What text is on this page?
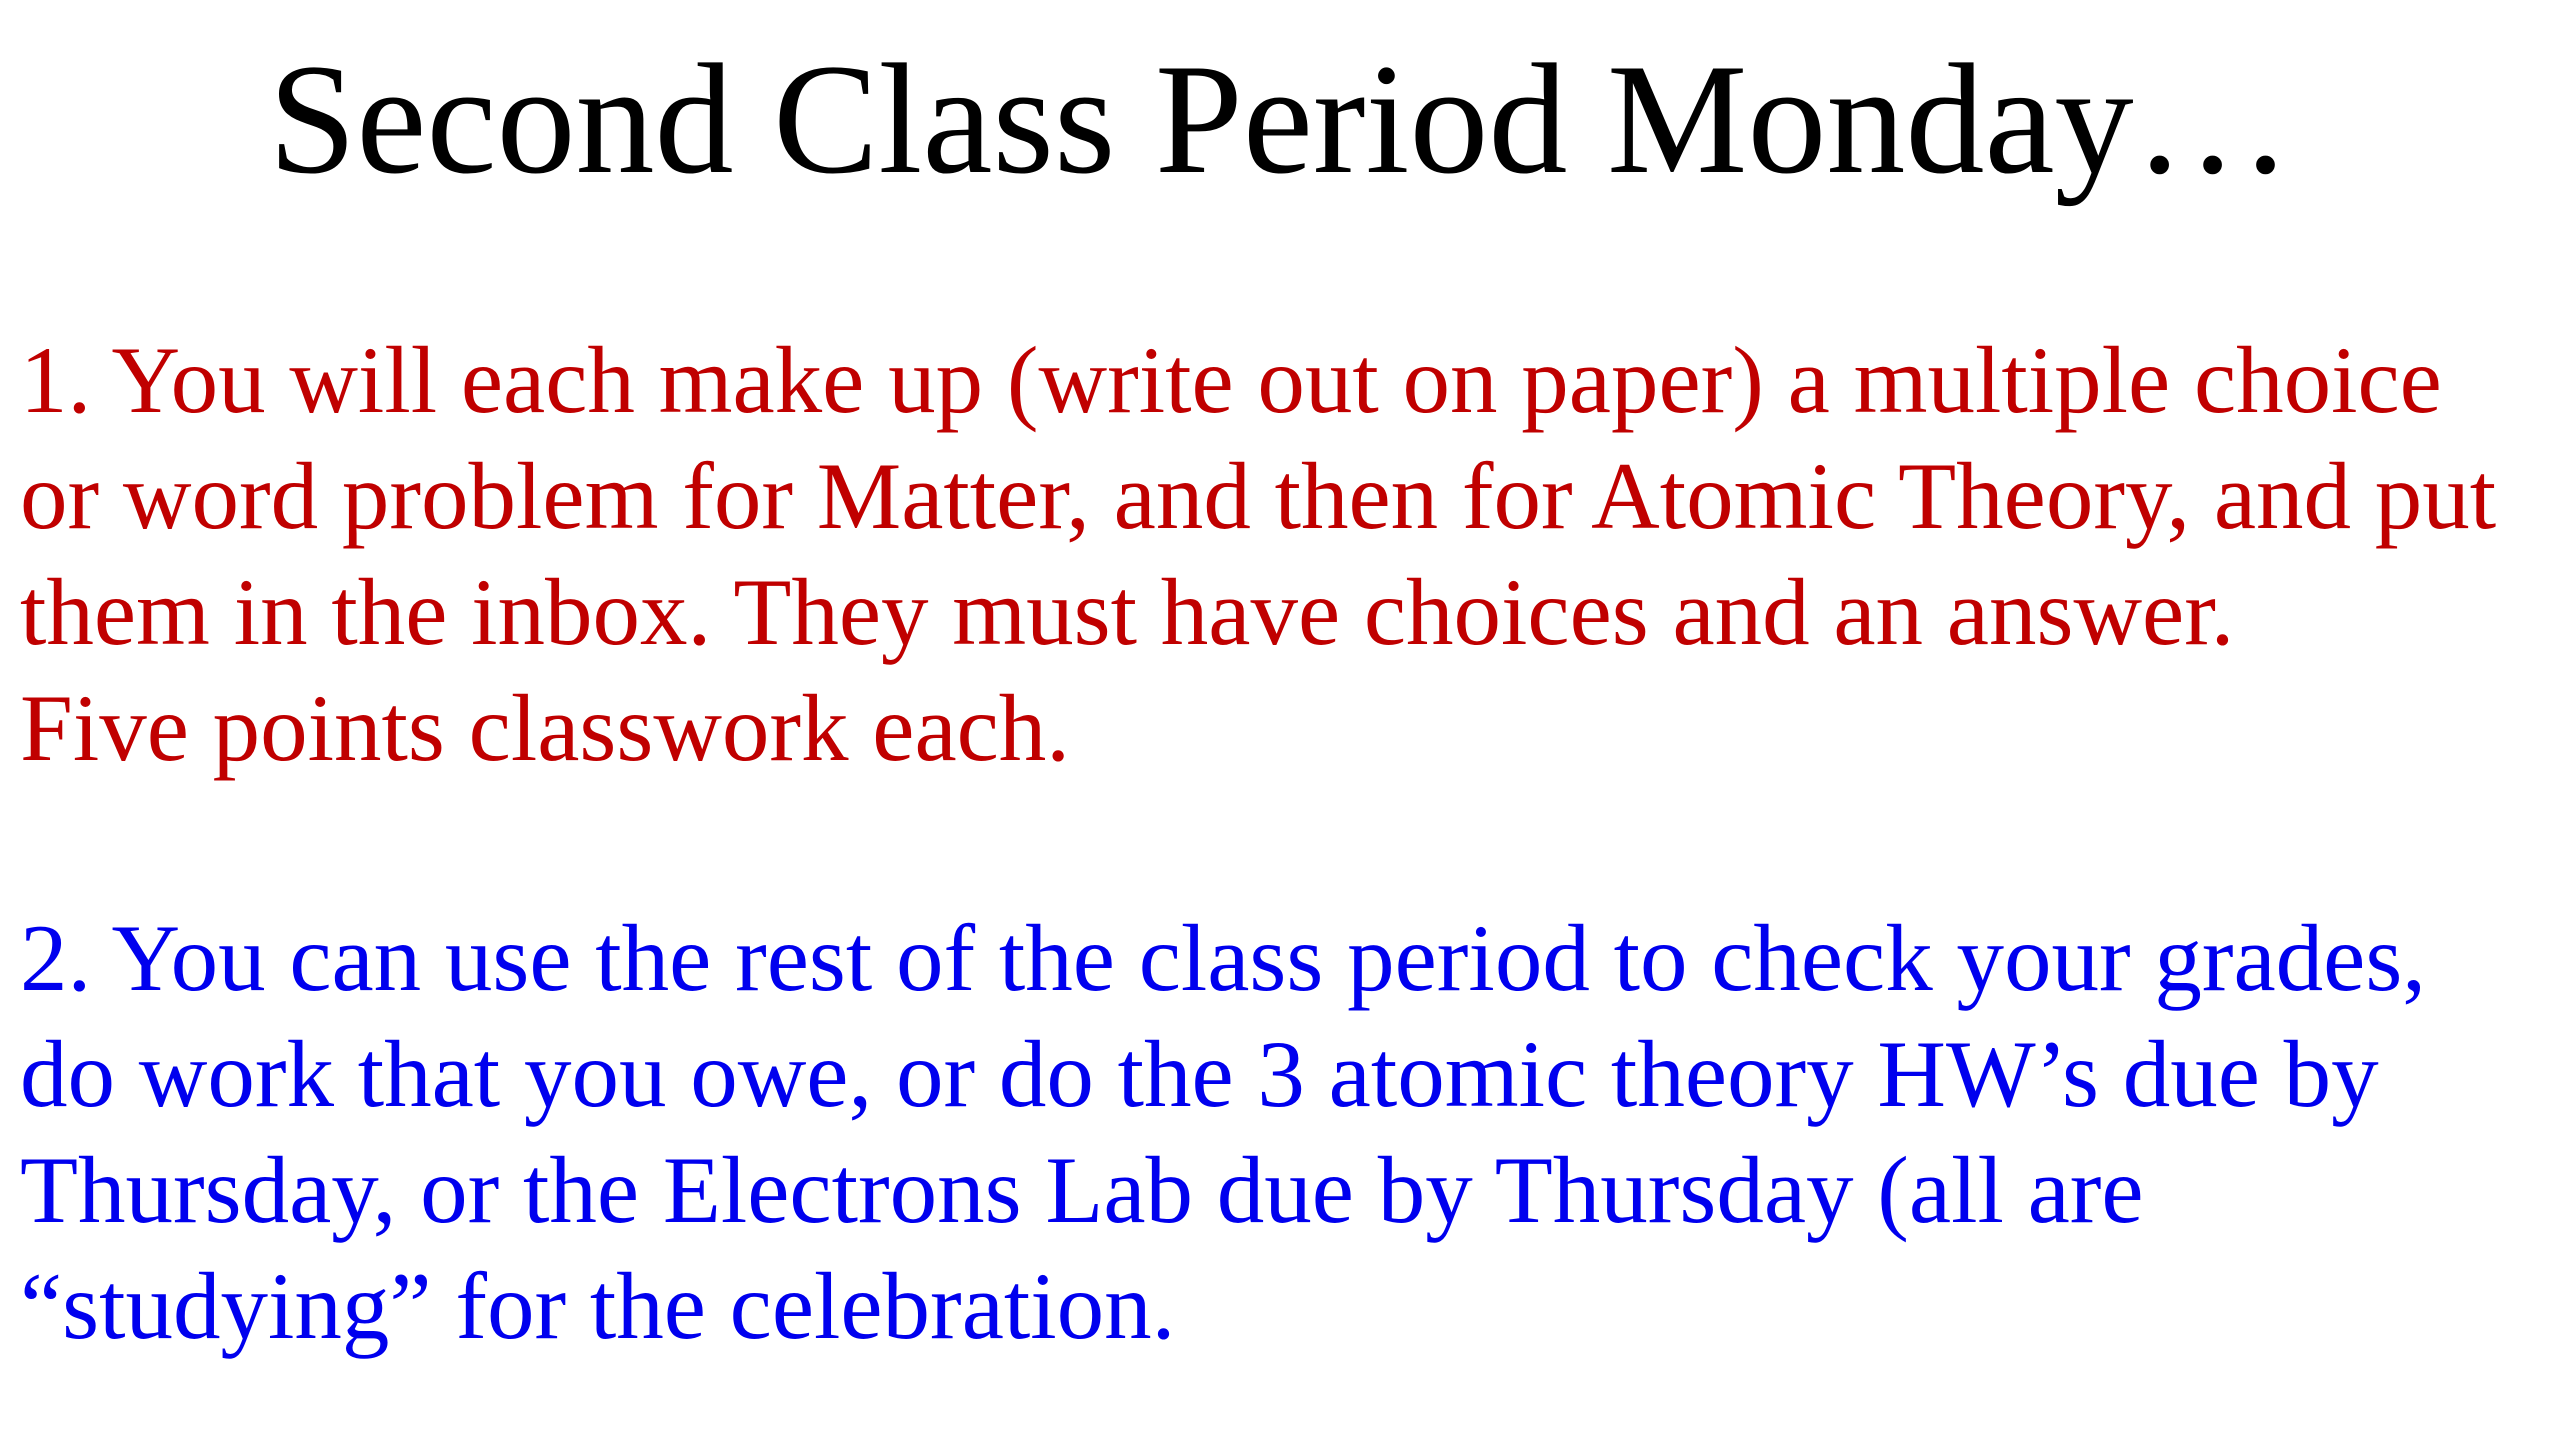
Second Class Period Monday…

1. You will each make up (write out on paper) a multiple choice
or word problem for Matter, and then for Atomic Theory, and put
them in the inbox. They must have choices and an answer.
Five points classwork each.

2. You can use the rest of the class period to check your grades,
do work that you owe, or do the 3 atomic theory HW’s due by
Thursday, or the Electrons Lab due by Thursday (all are
“studying” for the celebration.
